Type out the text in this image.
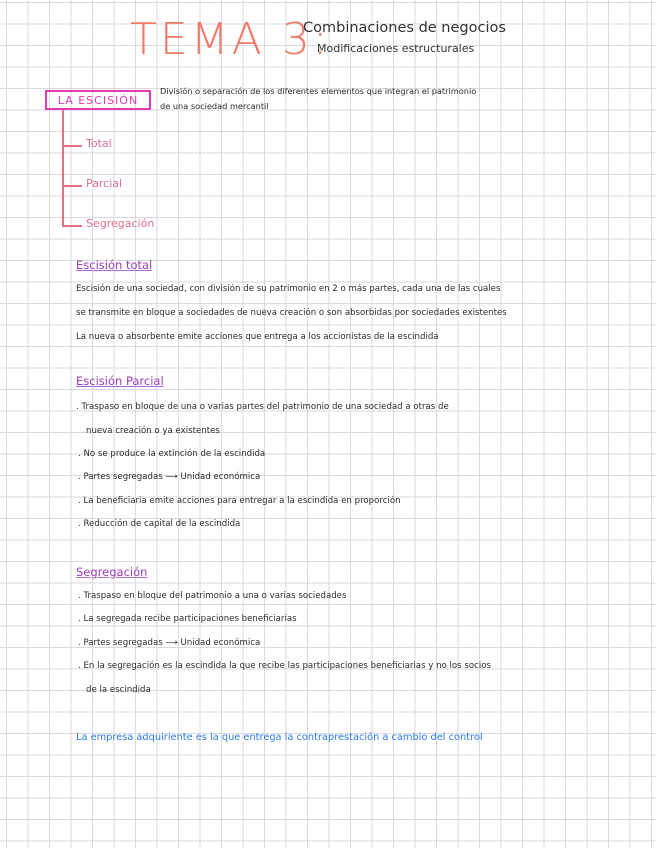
TEMA 3:
Combinaciones de negocios
Modificaciones estructurales
LA ESCISIÓN
División o separación de los diferentes elementos que integran el patrimonio
de una sociedad mercantil
Total
Parcial
Segregación
Escisión total
Escisión de una sociedad, con división de su patrimonio en 2 o más partes, cada una de las cuales
se transmite en bloque a sociedades de nueva creación o son absorbidas por sociedades existentes
La nueva o absorbente emite acciones que entrega a los accionistas de la escindida
Escisión Parcial
. Traspaso en bloque de una o varias partes del patrimonio de una sociedad a otras de
nueva creación o ya existentes
. No se produce la extinción de la escindida
. Partes segregadas ⟶ Unidad económica
. La beneficiaria emite acciones para entregar a la escindida en proporción
. Reducción de capital de la escindida
Segregación
. Traspaso en bloque del patrimonio a una o varias sociedades
. La segregada recibe participaciones beneficiarias
. Partes segregadas ⟶ Unidad económica
. En la segregación es la escindida la que recibe las participaciones beneficiarias y no los socios
de la escindida
La empresa adquiriente es la que entrega la contraprestación a cambio del control
